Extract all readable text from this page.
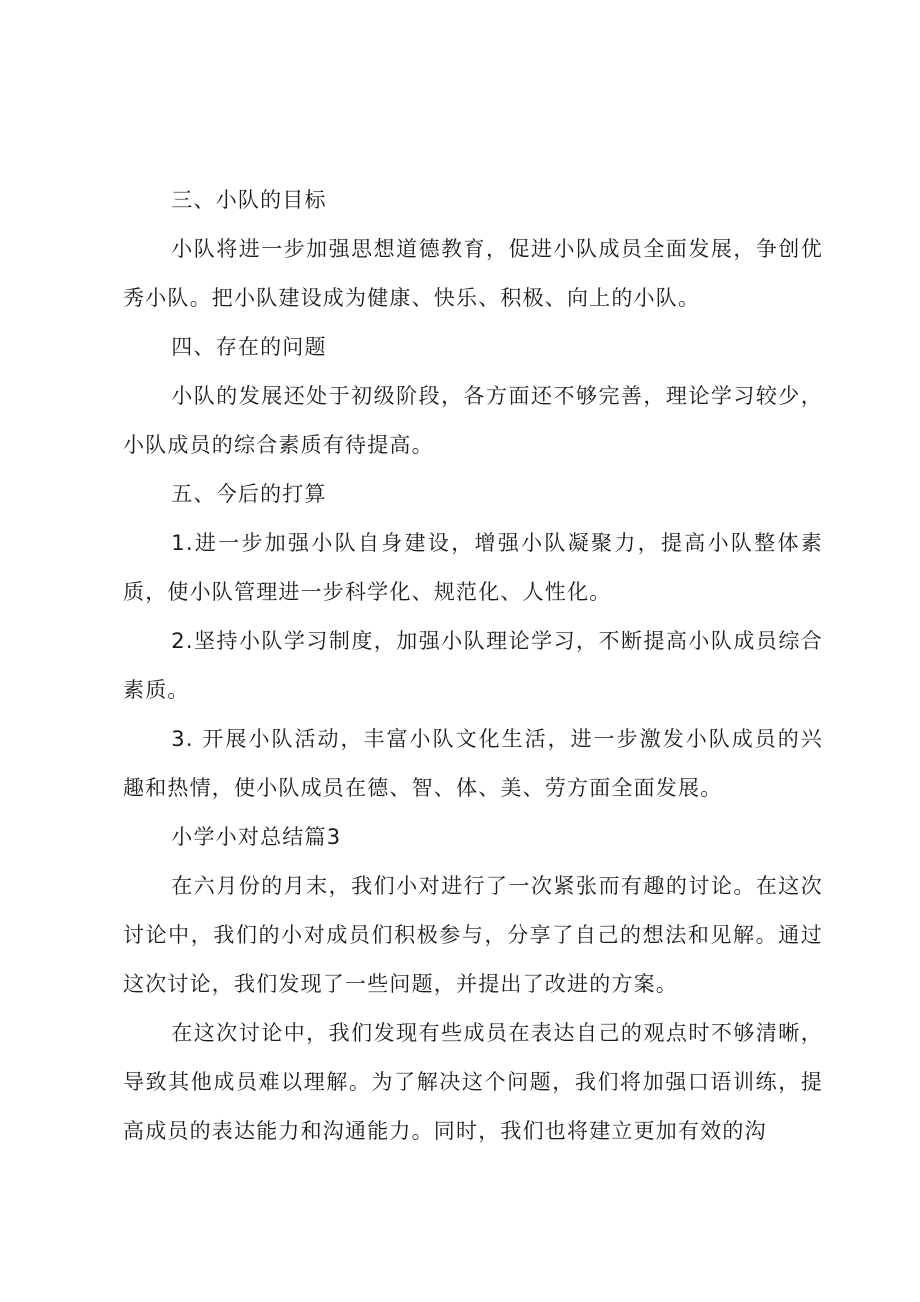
三、小队的目标

小队将进一步加强思想道德教育，促进小队成员全面发展，争创优秀小队。把小队建设成为健康、快乐、积极、向上的小队。

四、存在的问题

小队的发展还处于初级阶段，各方面还不够完善，理论学习较少，小队成员的综合素质有待提高。

五、今后的打算

1.进一步加强小队自身建设，增强小队凝聚力，提高小队整体素质，使小队管理进一步科学化、规范化、人性化。

2.坚持小队学习制度，加强小队理论学习，不断提高小队成员综合素质。

3. 开展小队活动，丰富小队文化生活，进一步激发小队成员的兴趣和热情，使小队成员在德、智、体、美、劳方面全面发展。

小学小对总结篇3

在六月份的月末，我们小对进行了一次紧张而有趣的讨论。在这次讨论中，我们的小对成员们积极参与，分享了自己的想法和见解。通过这次讨论，我们发现了一些问题，并提出了改进的方案。

在这次讨论中，我们发现有些成员在表达自己的观点时不够清晰，导致其他成员难以理解。为了解决这个问题，我们将加强口语训练，提高成员的表达能力和沟通能力。同时，我们也将建立更加有效的沟
